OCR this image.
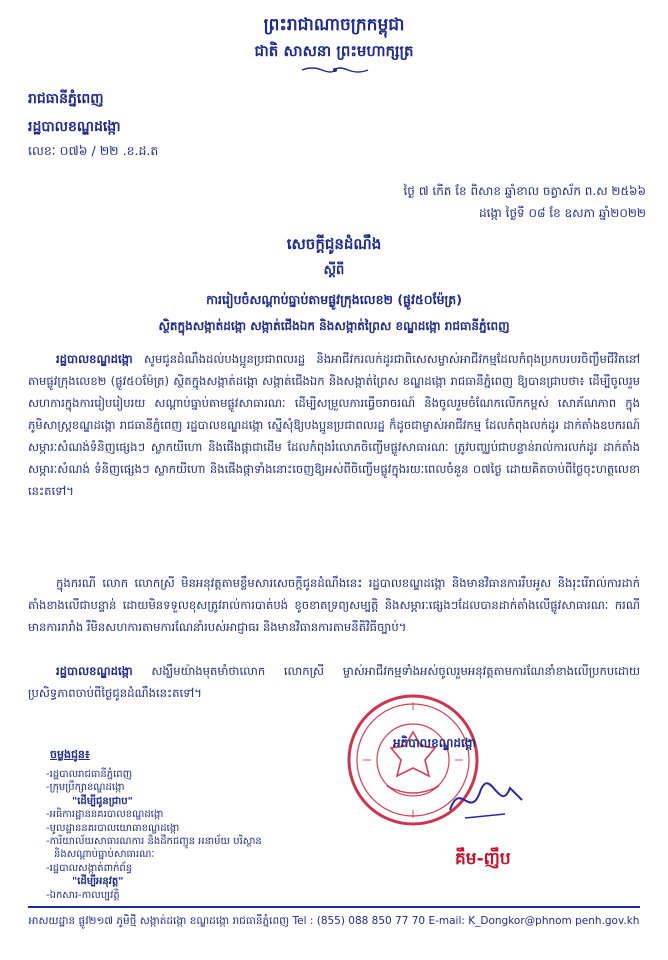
ព្រះរាជាណាចក្រកម្ពុជា
ជាតិ សាសនា ព្រះមហាក្សត្រ
រាជធានីភ្នំពេញ
រដ្ឋបាលខណ្ឌដង្កោ
លេខៈ ០៧៦ / ២២ .ខ.ដ.ត
ថ្ងៃ ៧ កើត ខែ ពិសាខ ឆ្នាំខាល ចត្វាស័ក ព.ស ២៥៦៦
ដង្កោ ថ្ងៃទី ០៨ ខែ ឧសភា ឆ្នាំ២០២២
សេចក្តីជូនដំណឹង
ស្តីពី
ការរៀបចំសណ្តាប់ធ្នាប់តាមផ្លូវក្រុងលេខ២ (ផ្លូវ៥០ម៉ែត្រ)
ស្ថិតក្នុងសង្កាត់ដង្កោ សង្កាត់ជើងឯក និងសង្កាត់ព្រៃស ខណ្ឌដង្កោ រាជធានីភ្នំពេញ
រដ្ឋបាលខណ្ឌដង្កោ សូមជូនដំណឹងដល់បងប្អូនប្រជាពលរដ្ឋ និងអាជីវករលក់ដូរជាពិសេសម្ចាស់អាជីវកម្មដែលកំពុងប្រកបរបរចិញ្ចឹមជីវិតនៅតាមផ្លូវក្រុងលេខ២ (ផ្លូវ៥០ម៉ែត្រ) ស្ថិតក្នុងសង្កាត់ដង្កោ សង្កាត់ជើងឯក និងសង្កាត់ព្រៃស ខណ្ឌដង្កោ រាជធានីភ្នំពេញ ឱ្យបានជ្រាបថា៖ ដើម្បីចូលរួមសហការក្នុងការរៀបរៀបរយ សណ្តាប់ធ្នាប់តាមផ្លូវសាធារណៈ ដើម្បីសម្រួលការធ្វើចរាចរណ៍ និងចូលរួមចំណែកលើកកម្ពស់ សោភ័ណភាព ក្នុងភូមិសាស្ត្រខណ្ឌដង្កោ រាជធានីភ្នំពេញ រដ្ឋបាលខណ្ឌដង្កោ ស្នើសុំឱ្យបងប្អូនប្រជាពលរដ្ឋ ក៏ដូចជាម្ចាស់អាជីវកម្ម ដែលកំពុងលក់ដូរ ដាក់តាំងឧបករណ៍ សម្ភារៈសំណង់ទំនិញផ្សេងៗ ស្លាកយីហោ និងផើងផ្កាជាដើម ដែលកំពុងរំលោភចិញ្ចើមផ្លូវសាធារណៈ ត្រូវបញ្ឈប់ជាបន្ទាន់រាល់ការលក់ដូរ ដាក់តាំងសម្ភារៈសំណង់ ទំនិញផ្សេងៗ ស្លាកយីហោ និងផើងផ្កាទាំងនោះចេញឱ្យអស់ពីចិញ្ចើមផ្លូវក្នុងរយៈពេលចំនួន ០៧ថ្ងៃ ដោយគិតចាប់ពីថ្ងៃចុះហត្ថលេខានេះតទៅ។
ក្នុងករណី លោក លោកស្រី មិនអនុវត្តតាមខ្លឹមសារសេចក្តីជូនដំណឹងនេះ រដ្ឋបាលខណ្ឌដង្កោ និងមានវិធានការរឹបអូស និងរុះរើរាល់ការដាក់តាំងខាងលើជាបន្ទាន់ ដោយមិនទទួលខុសត្រូវរាល់ការបាត់បង់ ខូចខាតទ្រព្យសម្បត្តិ និងសម្ភារៈផ្សេងៗដែលបានដាក់តាំងលើផ្លូវសាធារណៈ ករណីមានការរារាំង រឺមិនសហការតាមការណែនាំរបស់អាជ្ញាធរ និងមានវិធានការតាមនីតិវិធីច្បាប់។
រដ្ឋបាលខណ្ឌដង្កោ សង្ឃឹមយ៉ាងមុតមាំថាលោក លោកស្រី ម្ចាស់អាជីវកម្មទាំងអស់ចូលរួមអនុវត្តតាមការណែនាំខាងលើប្រកបដោយប្រសិទ្ធភាពចាប់ពីថ្ងៃជូនដំណឹងនេះតទៅ។
អភិបាលខណ្ឌដង្កោ
គឹម-ញឹប
ចម្លងជូន៖
-រដ្ឋបាលរាជធានីភ្នំពេញ
-ក្រុមប្រឹក្សាខណ្ឌដង្កោ
"ដើម្បីជូនជ្រាប"
-អធិការដ្ឋាននគរបាលខណ្ឌដង្កោ
-មូលដ្ឋាននគរបាលយោធាខណ្ឌដង្កោ
-ការិយាល័យសាធារណការ និងដឹកជញ្ជូន អនាម័យ បរិស្ថាន
និងសណ្តាប់ធ្នាប់សាធារណៈ
-រដ្ឋបាលសង្កាត់ពាក់ព័ន្ធ
"ដើម្បីអនុវត្ត"
-ឯកសារ-កាលប្បវត្តិ
អាសយដ្ឋាន ផ្លូវ២១៧ ភូមិថ្មី សង្កាត់ដង្កោ ខណ្ឌដង្កោ រាជធានីភ្នំពេញ Tel : (855) 088 850 77 70 E-mail: K_Dongkor@phnom penh.gov.kh
